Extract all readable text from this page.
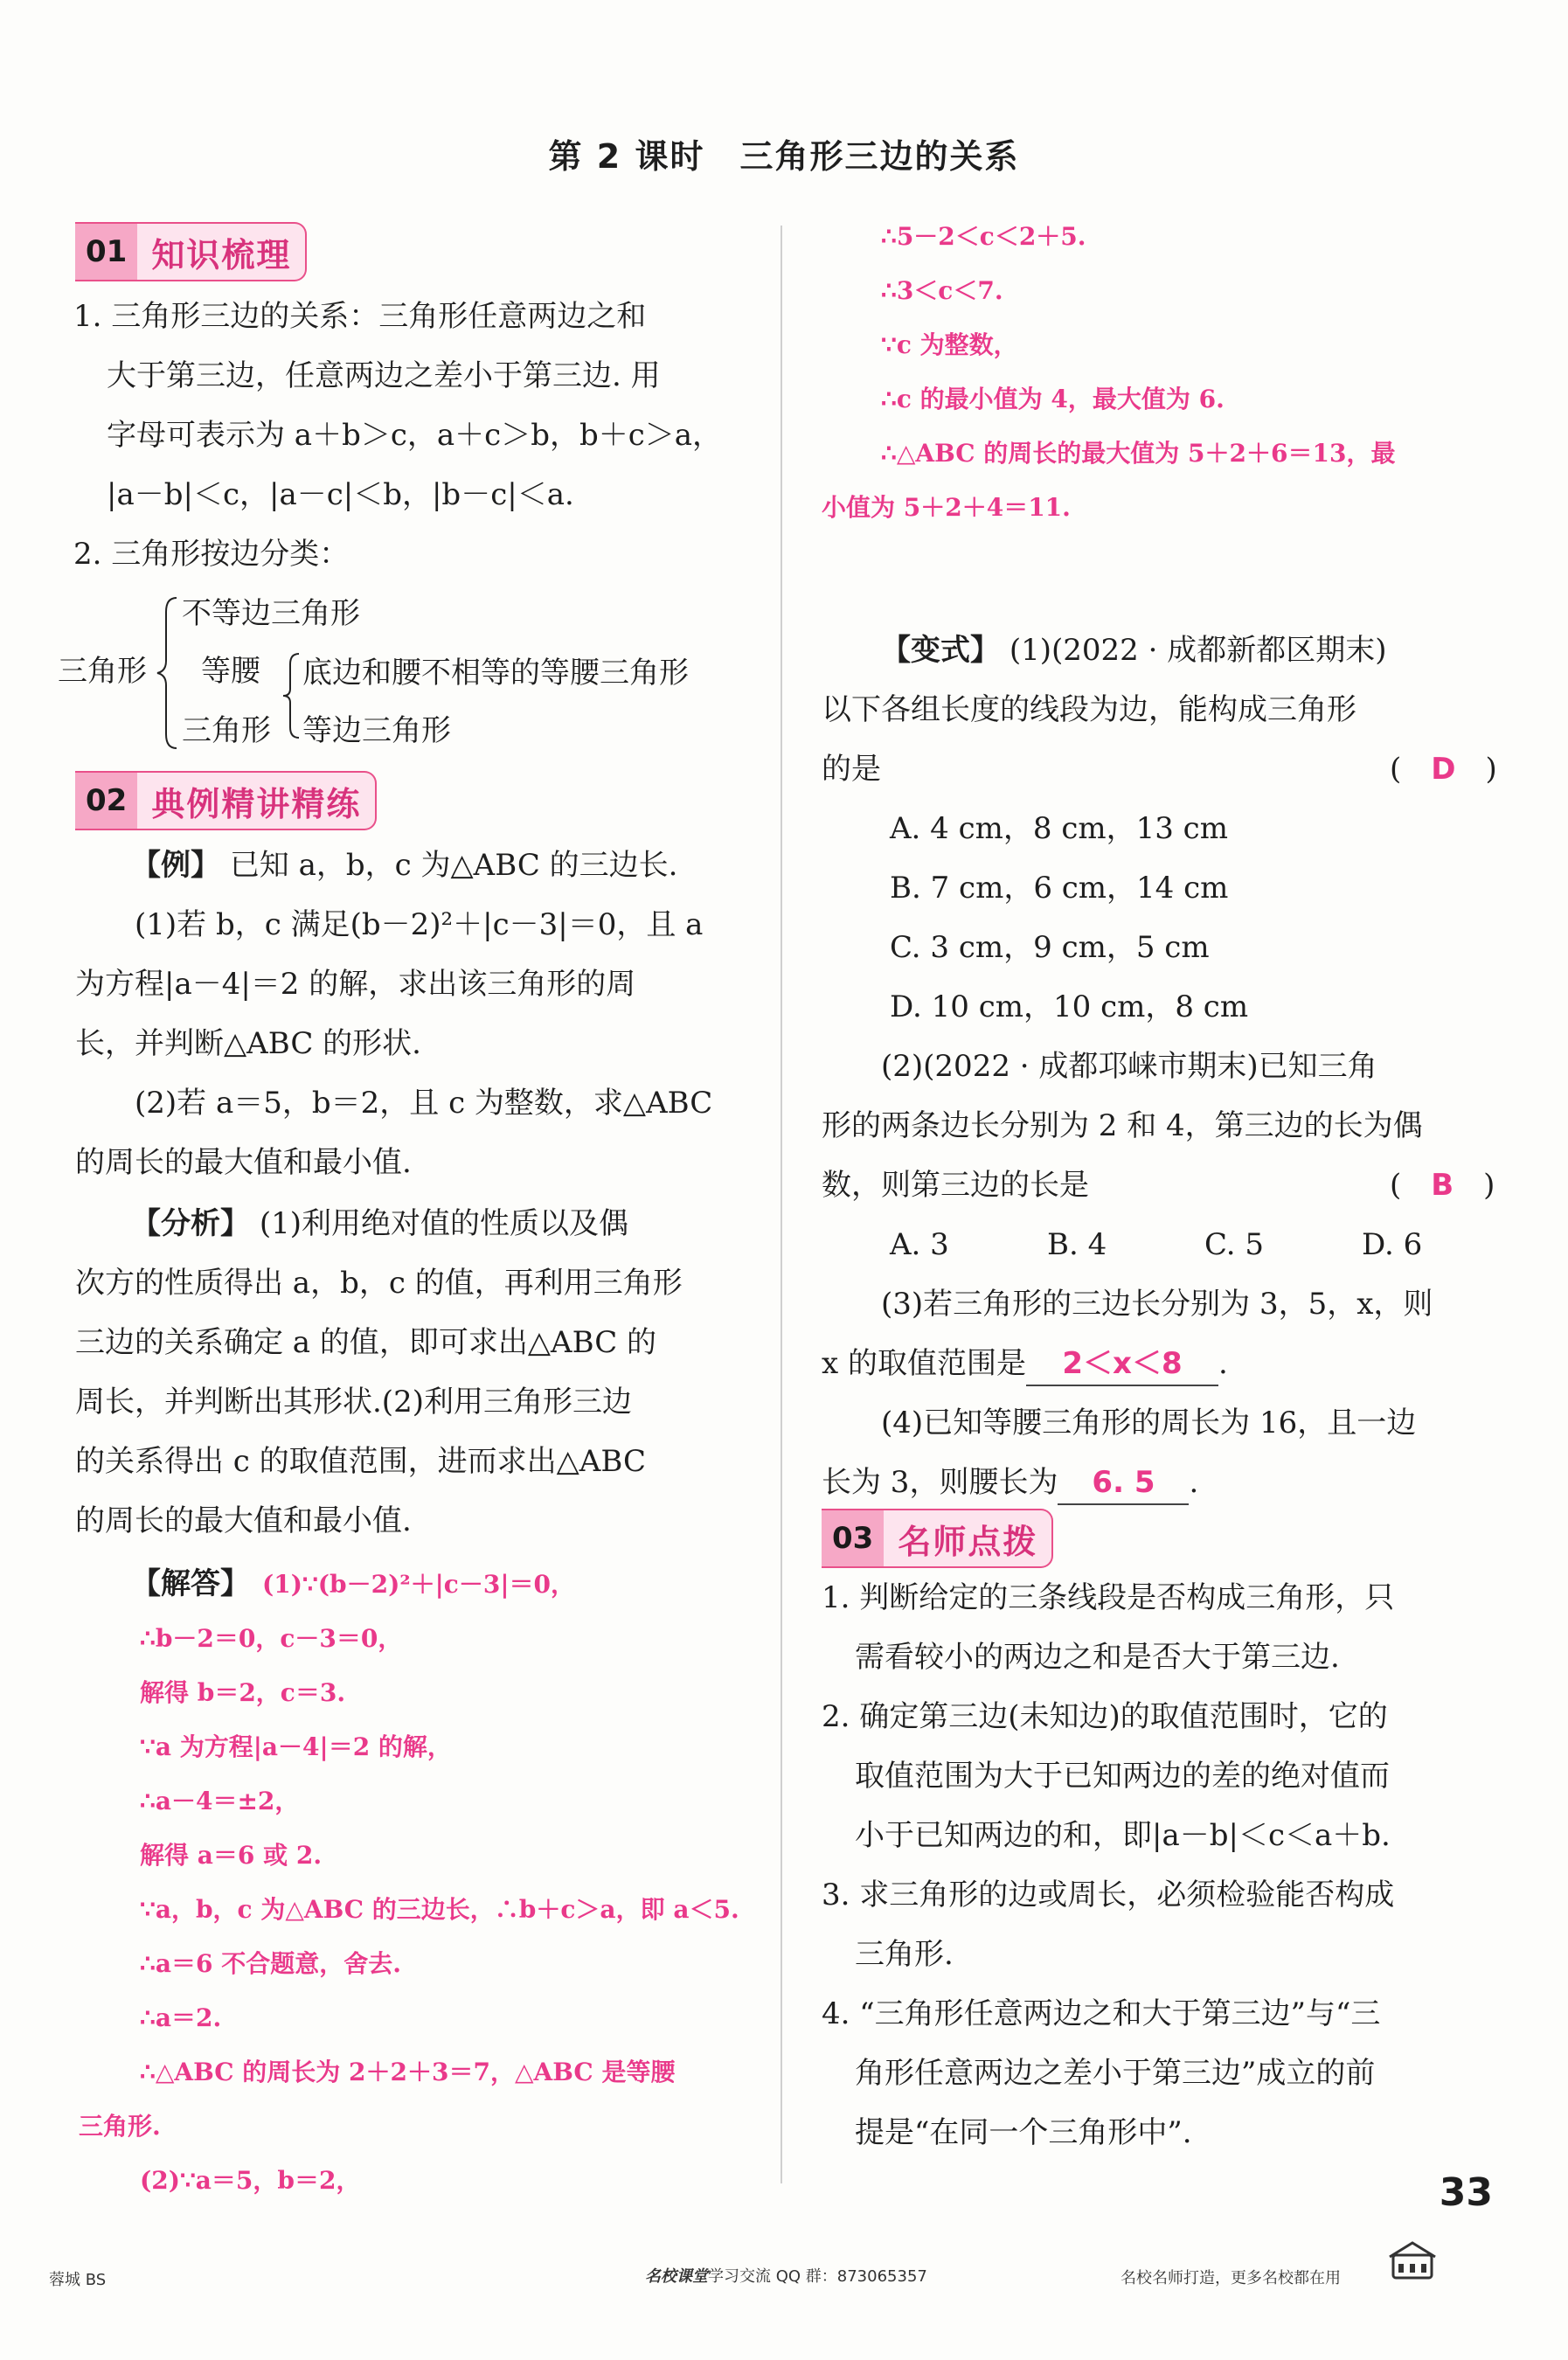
第 2 课时　三角形三边的关系
01 知识梳理
1. 三角形三边的关系：三角形任意两边之和
大于第三边，任意两边之差小于第三边. 用
字母可表示为 a＋b＞c，a＋c＞b，b＋c＞a，
|a－b|＜c，|a－c|＜b，|b－c|＜a.
2. 三角形按边分类：
三角形
不等边三角形
等腰
三角形
底边和腰不相等的等腰三角形
等边三角形
02 典例精讲精练
【例】 已知 a，b，c 为△ABC 的三边长.
(1)若 b，c 满足(b－2)²＋|c－3|＝0，且 a
为方程|a－4|＝2 的解，求出该三角形的周
长，并判断△ABC 的形状.
(2)若 a＝5，b＝2，且 c 为整数，求△ABC
的周长的最大值和最小值.
【分析】 (1)利用绝对值的性质以及偶
次方的性质得出 a，b，c 的值，再利用三角形
三边的关系确定 a 的值，即可求出△ABC 的
周长，并判断出其形状.(2)利用三角形三边
的关系得出 c 的取值范围，进而求出△ABC
的周长的最大值和最小值.
【解答】 (1)∵(b－2)²＋|c－3|＝0，
∴b－2＝0，c－3＝0，
解得 b＝2，c＝3.
∵a 为方程|a－4|＝2 的解，
∴a－4＝±2，
解得 a＝6 或 2.
∵a，b，c 为△ABC 的三边长，∴b＋c＞a，即 a＜5.
∴a＝6 不合题意，舍去.
∴a＝2.
∴△ABC 的周长为 2＋2＋3＝7，△ABC 是等腰
三角形.
(2)∵a＝5，b＝2，
∴5－2＜c＜2＋5.
∴3＜c＜7.
∵c 为整数，
∴c 的最小值为 4，最大值为 6.
∴△ABC 的周长的最大值为 5＋2＋6＝13，最
小值为 5＋2＋4＝11.
【变式】 (1)(2022 · 成都新都区期末)
以下各组长度的线段为边，能构成三角形
的是	(　D　)
A. 4 cm，8 cm，13 cm
B. 7 cm，6 cm，14 cm
C. 3 cm，9 cm，5 cm
D. 10 cm，10 cm，8 cm
(2)(2022 · 成都邛崃市期末)已知三角
形的两条边长分别为 2 和 4，第三边的长为偶
数，则第三边的长是	(　B　)
A. 3	B. 4	C. 5	D. 6
(3)若三角形的三边长分别为 3，5，x，则
x 的取值范围是 2＜x＜8 .
(4)已知等腰三角形的周长为 16，且一边
长为 3，则腰长为 6. 5 .
03 名师点拨
1. 判断给定的三条线段是否构成三角形，只
需看较小的两边之和是否大于第三边.
2. 确定第三边(未知边)的取值范围时，它的
取值范围为大于已知两边的差的绝对值而
小于已知两边的和，即|a－b|＜c＜a＋b.
3. 求三角形的边或周长，必须检验能否构成
三角形.
4. “三角形任意两边之和大于第三边”与“三
角形任意两边之差小于第三边”成立的前
提是“在同一个三角形中”.
蓉城 BS	名校课堂学习交流 QQ 群：873065357	名校名师打造，更多名校都在用
33
